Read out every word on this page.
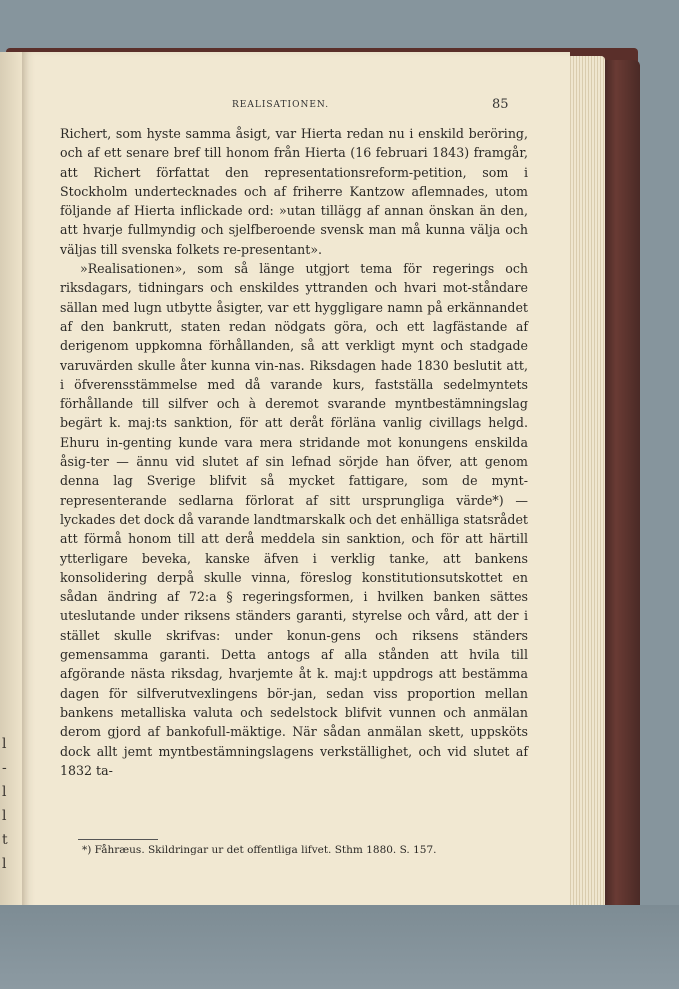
l
-
l
l
t
l
REALISATIONEN.	85

Richert, som hyste samma åsigt, var Hierta redan nu i enskild beröring, och af ett senare bref till honom från Hierta (16 februari 1843) framgår, att Richert författat den representationsreform-petition, som i Stockholm undertecknades och af friherre Kantzow aflemnades, utom följande af Hierta inflickade ord: »utan tillägg af annan önskan än den, att hvarje fullmyndig och sjelfberoende svensk man må kunna välja och väljas till svenska folkets re-presentant».

»Realisationen», som så länge utgjort tema för regerings och riksdagars, tidningars och enskildes yttranden och hvari mot-ståndare sällan med lugn utbytte åsigter, var ett hyggligare namn på erkännandet af den bankrutt, staten redan nödgats göra, och ett lagfästande af derigenom uppkomna förhållanden, så att verkligt mynt och stadgade varuvärden skulle åter kunna vin-nas. Riksdagen hade 1830 beslutit att, i öfverensstämmelse med då varande kurs, fastställa sedelmyntets förhållande till silfver och à deremot svarande myntbestämningslag begärt k. maj:ts sanktion, för att deråt förläna vanlig civillags helgd. Ehuru in-genting kunde vara mera stridande mot konungens enskilda åsig-ter — ännu vid slutet af sin lefnad sörjde han öfver, att genom denna lag Sverige blifvit så mycket fattigare, som de mynt-representerande sedlarna förlorat af sitt ursprungliga värde*) — lyckades det dock då varande landtmarskalk och det enhälliga statsrådet att förmå honom till att derå meddela sin sanktion, och för att härtill ytterligare beveka, kanske äfven i verklig tanke, att bankens konsolidering derpå skulle vinna, föreslog konstitutionsutskottet en sådan ändring af 72:a § regeringsformen, i hvilken banken sättes uteslutande under riksens ständers garanti, styrelse och vård, att der i stället skulle skrifvas: under konun-gens och riksens ständers gemensamma garanti. Detta antogs af alla stånden att hvila till afgörande nästa riksdag, hvarjemte åt k. maj:t uppdrogs att bestämma dagen för silfverutvexlingens bör-jan, sedan viss proportion mellan bankens metalliska valuta och sedelstock blifvit vunnen och anmälan derom gjord af bankofull-mäktige. När sådan anmälan skett, uppsköts dock allt jemt myntbestämningslagens verkställighet, och vid slutet af 1832 ta-

*) Fåhræus. Skildringar ur det offentliga lifvet. Sthm 1880. S. 157.
